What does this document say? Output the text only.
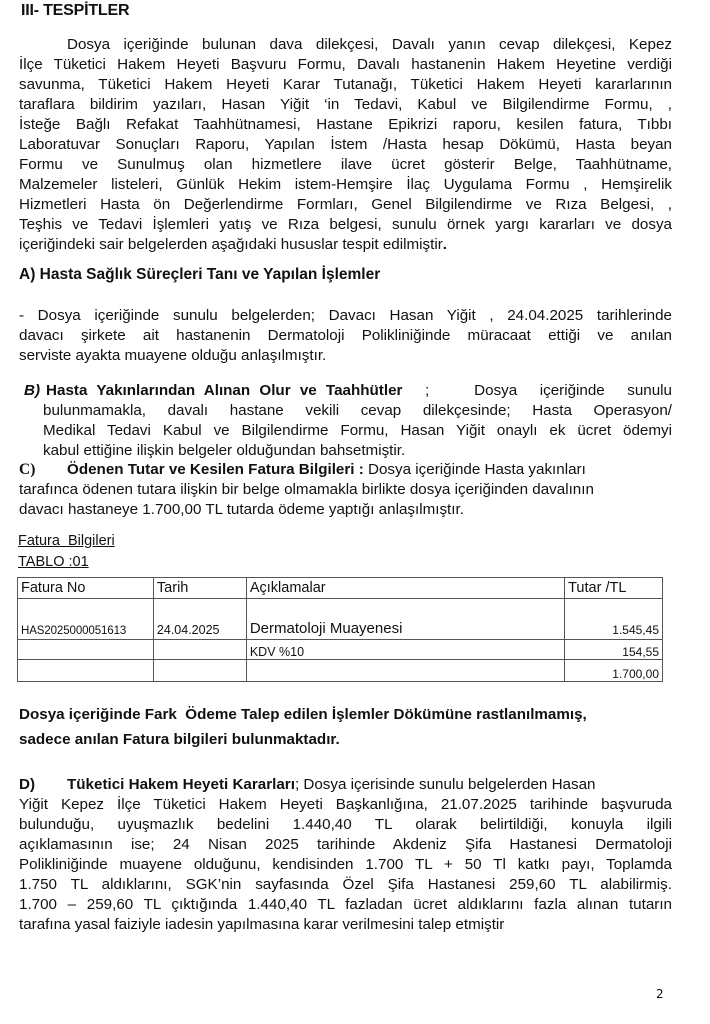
III- TESPİTLER
Dosya içeriğinde bulunan dava dilekçesi, Davalı yanın cevap dilekçesi, Kepez
İlçe Tüketici Hakem Heyeti Başvuru Formu, Davalı hastanenin Hakem Heyetine verdiği
savunma, Tüketici Hakem Heyeti Karar Tutanağı, Tüketici Hakem Heyeti kararlarının
taraflara bildirim yazıları, Hasan Yiğit ‘in Tedavi, Kabul ve Bilgilendirme Formu, ,
İsteğe Bağlı Refakat Taahhütnamesi, Hastane Epikrizi raporu, kesilen fatura, Tıbbı
Laboratuvar Sonuçları Raporu, Yapılan İstem /Hasta hesap Dökümü, Hasta beyan
Formu ve Sunulmuş olan hizmetlere ilave ücret gösterir Belge, Taahhütname,
Malzemeler listeleri, Günlük Hekim istem-Hemşire İlaç Uygulama Formu , Hemşirelik
Hizmetleri Hasta ön Değerlendirme Formları, Genel Bilgilendirme ve Rıza Belgesi, ,
Teşhis ve Tedavi İşlemleri yatış ve Rıza belgesi, sunulu örnek yargı kararları ve dosya
içeriğindeki sair belgelerden aşağıdaki hususlar tespit edilmiştir.
A) Hasta Sağlık Süreçleri Tanı ve Yapılan İşlemler
- Dosya içeriğinde sunulu belgelerden; Davacı Hasan Yiğit , 24.04.2025 tarihlerinde
davacı şirkete ait hastanenin Dermatoloji Polikliniğinde müracaat ettiği ve anılan
serviste ayakta muayene olduğu anlaşılmıştır.
B) Hasta Yakınlarından Alınan Olur ve Taahhütler ;  Dosya içeriğinde sunulu
bulunmamakla, davalı hastane vekili cevap dilekçesinde; Hasta Operasyon/
Medikal Tedavi Kabul ve Bilgilendirme Formu, Hasan Yiğit onaylı ek ücret ödemyi
kabul ettiğine ilişkin belgeler olduğundan bahsetmiştir.
C) Ödenen Tutar ve Kesilen Fatura Bilgileri : Dosya içeriğinde Hasta yakınları
tarafınca ödenen tutara ilişkin bir belge olmamakla birlikte dosya içeriğinden davalının
davacı hastaneye 1.700,00 TL tutarda ödeme yaptığı anlaşılmıştır.
Fatura  Bilgileri
TABLO :01
Fatura No	Tarih	Açıklamalar	Tutar /TL
HAS2025000051613	24.04.2025	Dermatoloji Muayenesi	1.545,45
		KDV %10	154,55
			1.700,00
Dosya içeriğinde Fark  Ödeme Talep edilen İşlemler Dökümüne rastlanılmamış,
sadece anılan Fatura bilgileri bulunmaktadır.
D) Tüketici Hakem Heyeti Kararları; Dosya içerisinde sunulu belgelerden Hasan
Yiğit Kepez İlçe Tüketici Hakem Heyeti Başkanlığına, 21.07.2025 tarihinde başvuruda
bulunduğu, uyuşmazlık bedelini 1.440,40 TL olarak belirtildiği, konuyla ilgili
açıklamasının ise; 24 Nisan 2025 tarihinde Akdeniz Şifa Hastanesi Dermatoloji
Polikliniğinde muayene olduğunu, kendisinden 1.700 TL + 50 Tl katkı payı, Toplamda
1.750 TL aldıklarını, SGK’nin sayfasında Özel Şifa Hastanesi 259,60 TL alabilirmiş.
1.700 – 259,60 TL çıktığında 1.440,40 TL fazladan ücret aldıklarını fazla alınan tutarın
tarafına yasal faiziyle iadesin yapılmasına karar verilmesini talep etmiştir
2
